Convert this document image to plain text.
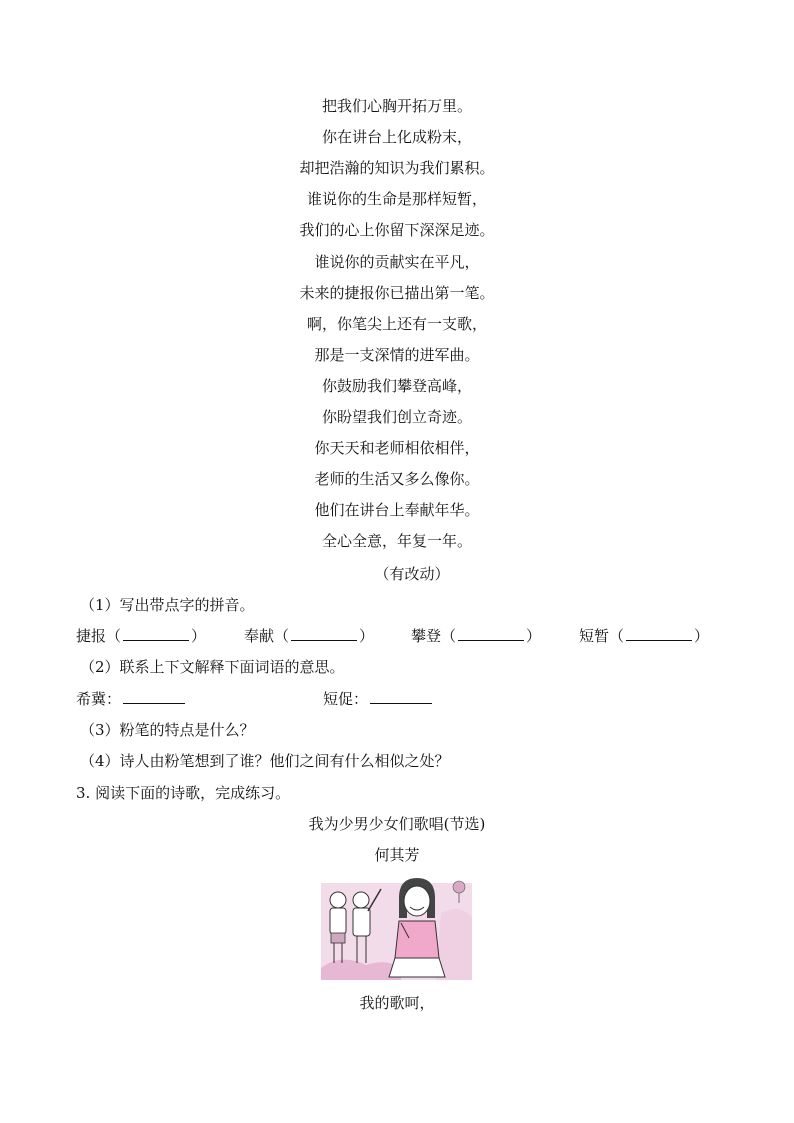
把我们心胸开拓万里。
你在讲台上化成粉末，
却把浩瀚的知识为我们累积。
谁说你的生命是那样短暂，
我们的心上你留下深深足迹。
谁说你的贡献实在平凡，
未来的捷报你已描出第一笔。
啊，你笔尖上还有一支歌，
那是一支深情的进军曲。
你鼓励我们攀登高峰，
你盼望我们创立奇迹。
你天天和老师相依相伴，
老师的生活又多么像你。
他们在讲台上奉献年华。
全心全意，年复一年。
（有改动）
（1）写出带点字的拼音。
捷报（	）	奉献（	） 攀登（	）	短暂（	）
（2）联系上下文解释下面词语的意思。
希冀：	短促：
（3）粉笔的特点是什么？
（4）诗人由粉笔想到了谁？他们之间有什么相似之处？
3. 阅读下面的诗歌，完成练习。
我为少男少女们歌唱(节选)
何其芳
我的歌呵，
